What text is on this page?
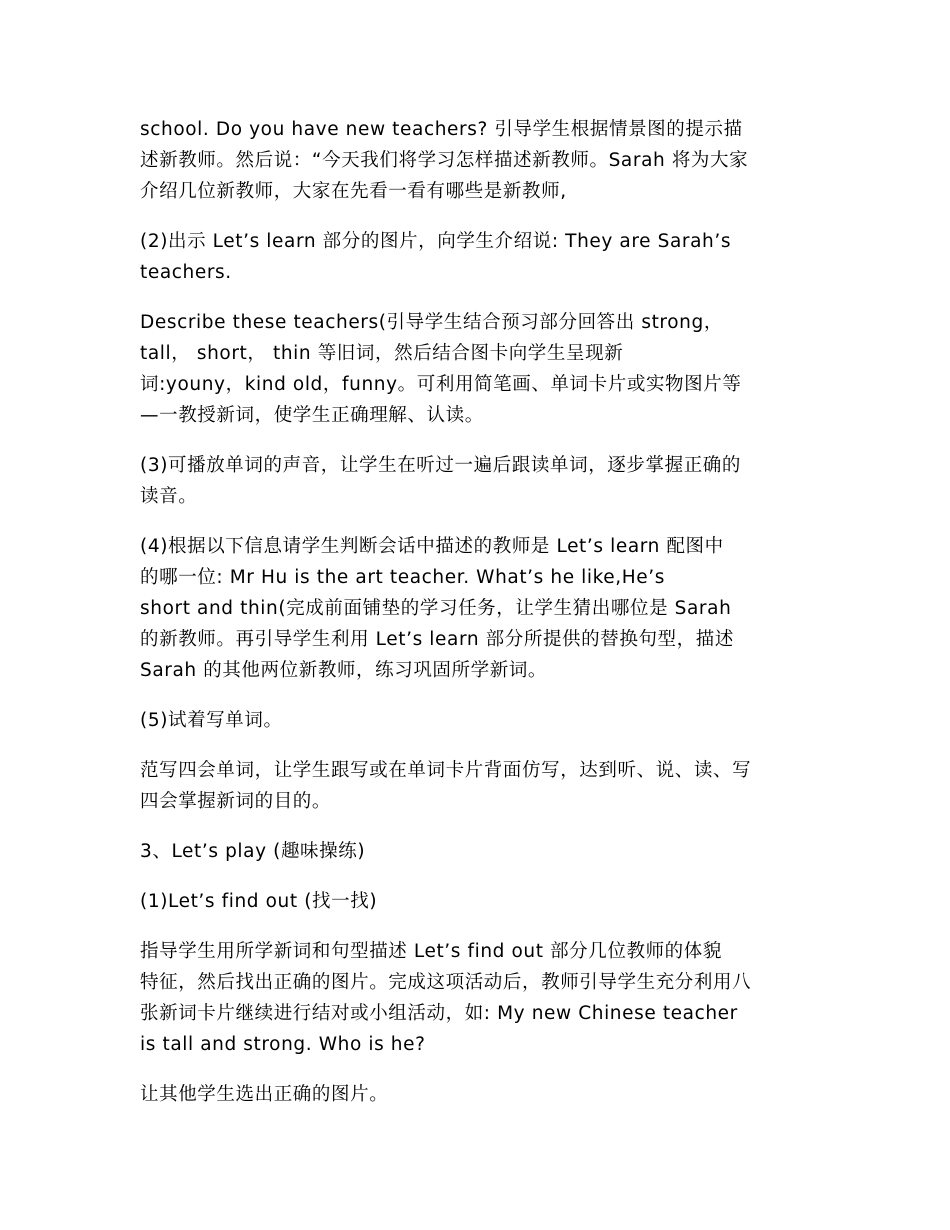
school. Do you have new teachers? 引导学生根据情景图的提示描
述新教师。然后说：“今天我们将学习怎样描述新教师。Sarah 将为大家
介绍几位新教师，大家在先看一看有哪些是新教师,

(2)出示 Let’s learn 部分的图片，向学生介绍说: They are Sarah’s
teachers.

Describe these teachers(引导学生结合预习部分回答出 strong，
tall， short， thin 等旧词，然后结合图卡向学生呈现新
词:youny，kind old，funny。可利用简笔画、单词卡片或实物图片等
—一教授新词，使学生正确理解、认读。

(3)可播放单词的声音，让学生在听过一遍后跟读单词，逐步掌握正确的
读音。

(4)根据以下信息请学生判断会话中描述的教师是 Let’s learn 配图中
的哪一位: Mr Hu is the art teacher. What’s he like,He’s
short and thin(完成前面铺垫的学习任务，让学生猜出哪位是 Sarah
的新教师。再引导学生利用 Let’s learn 部分所提供的替换句型，描述
Sarah 的其他两位新教师，练习巩固所学新词。

(5)试着写单词。

范写四会单词，让学生跟写或在单词卡片背面仿写，达到听、说、读、写
四会掌握新词的目的。

3、Let’s play (趣味操练)

(1)Let’s find out (找一找)

指导学生用所学新词和句型描述 Let’s find out 部分几位教师的体貌
特征，然后找出正确的图片。完成这项活动后，教师引导学生充分利用八
张新词卡片继续进行结对或小组活动，如: My new Chinese teacher
is tall and strong. Who is he?

让其他学生选出正确的图片。
